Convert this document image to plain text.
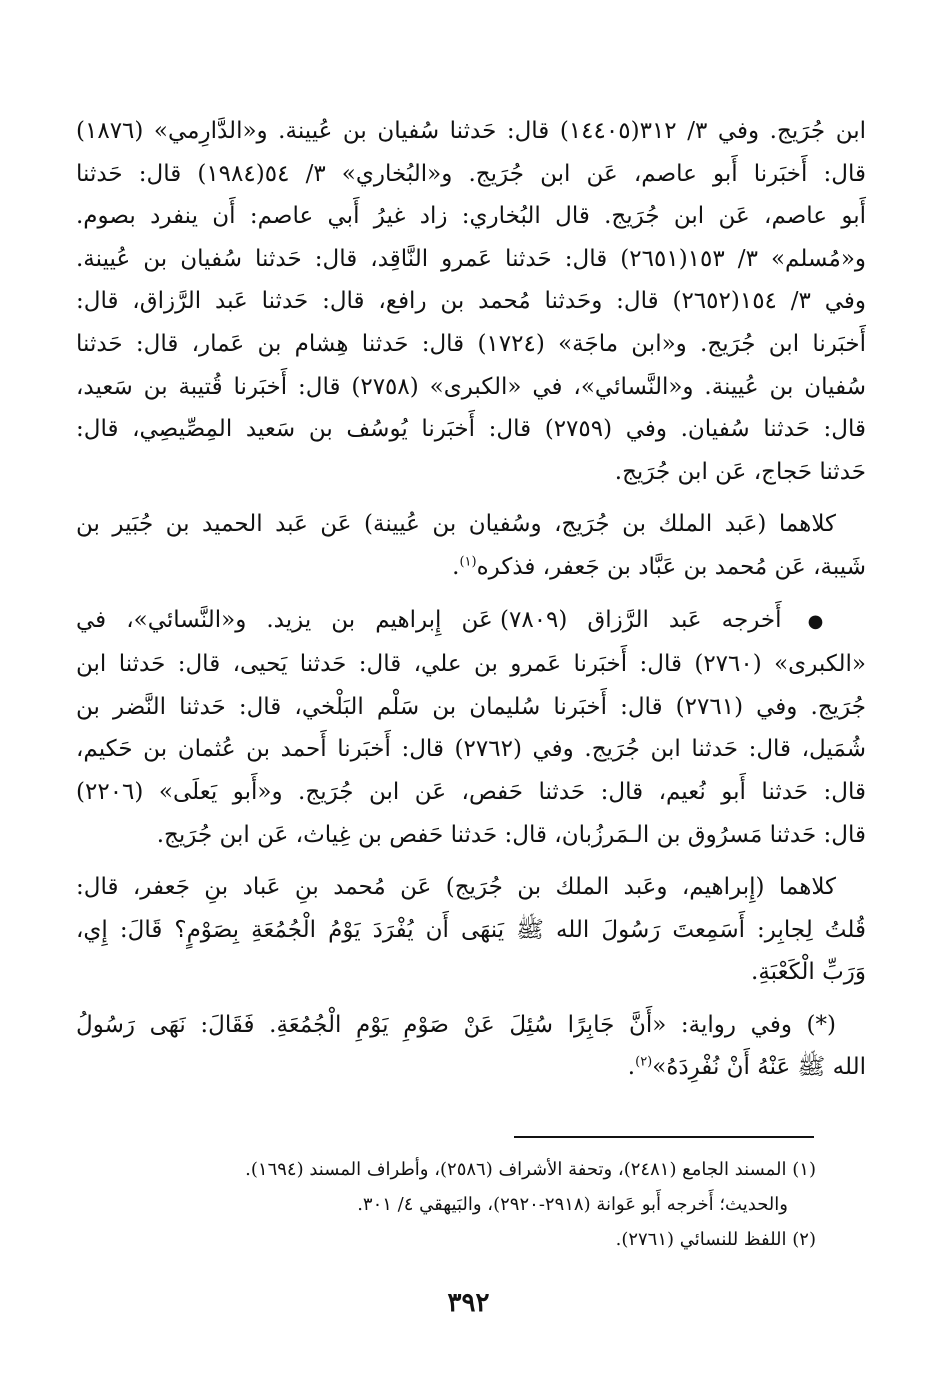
ابن جُرَيج. وفي ٣/ ٣١٢(١٤٤٠٥) قال: حَدثنا سُفيان بن عُيينة. و«الدَّارِمي» (١٨٧٦)
قال: أَخبَرنا أَبو عاصم، عَن ابن جُرَيج. و«البُخاري» ٣/ ٥٤(١٩٨٤) قال: حَدثنا
أَبو عاصم، عَن ابن جُرَيج. قال البُخاري: زاد غيرُ أَبي عاصم: أَن ينفرد بصوم.
و«مُسلم» ٣/ ١٥٣(٢٦٥١) قال: حَدثنا عَمرو النَّاقِد، قال: حَدثنا سُفيان بن عُيينة.
وفي ٣/ ١٥٤(٢٦٥٢) قال: وحَدثنا مُحمد بن رافع، قال: حَدثنا عَبد الرَّزاق، قال:
أَخبَرنا ابن جُرَيج. و«ابن ماجَة» (١٧٢٤) قال: حَدثنا هِشام بن عَمار، قال: حَدثنا
سُفيان بن عُيينة. و«النَّسائي»، في «الكبرى» (٢٧٥٨) قال: أَخبَرنا قُتيبة بن سَعيد،
قال: حَدثنا سُفيان. وفي (٢٧٥٩) قال: أَخبَرنا يُوسُف بن سَعيد المِصِّيصِي، قال:
حَدثنا حَجاج، عَن ابن جُرَيج.

كلاهما (عَبد الملك بن جُرَيج، وسُفيان بن عُيينة) عَن عَبد الحميد بن جُبَير بن
شَيبة، عَن مُحمد بن عَبَّاد بن جَعفر، فذكره$^{(١)}$.

● أَخرجه عَبد الرَّزاق (٧٨٠٩) عَن إِبراهيم بن يزيد. و«النَّسائي»، في
«الكبرى» (٢٧٦٠) قال: أَخبَرنا عَمرو بن علي، قال: حَدثنا يَحيى، قال: حَدثنا ابن
جُرَيج. وفي (٢٧٦١) قال: أَخبَرنا سُليمان بن سَلْم البَلْخي، قال: حَدثنا النَّضر بن
شُمَيل، قال: حَدثنا ابن جُرَيج. وفي (٢٧٦٢) قال: أَخبَرنا أَحمد بن عُثمان بن حَكيم،
قال: حَدثنا أَبو نُعيم، قال: حَدثنا حَفص، عَن ابن جُرَيج. و«أَبو يَعلَى» (٢٢٠٦)
قال: حَدثنا مَسرُوق بن الـمَرزُبان، قال: حَدثنا حَفص بن غِياث، عَن ابن جُرَيج.

كلاهما (إِبراهيم، وعَبد الملك بن جُرَيج) عَن مُحمد بنِ عَباد بنِ جَعفر، قال:
قُلتُ لِجابِر: أَسَمِعتَ رَسُولَ الله ﷺ يَنهَى أَن يُفْرَدَ يَوْمُ الْجُمُعَةِ بِصَوْمٍ؟ قَالَ: إِي،
وَرَبِّ الْكَعْبَةِ.

(*) وفي رواية: «أَنَّ جَابِرًا سُئِلَ عَنْ صَوْمِ يَوْمِ الْجُمُعَةِ. فَقَالَ: نَهَى رَسُولُ
الله ﷺ عَنْهُ أَنْ نُفْرِدَهُ»$^{(٢)}$.

(١) المسند الجامع (٢٤٨١)، وتحفة الأشراف (٢٥٨٦)، وأطراف المسند (١٦٩٤).
والحديث؛ أَخرجه أَبو عَوانة (٢٩١٨-٢٩٢٠)، والبَيهقي ٤/ ٣٠١.
(٢) اللفظ للنسائي (٢٧٦١).
٣٩٢
